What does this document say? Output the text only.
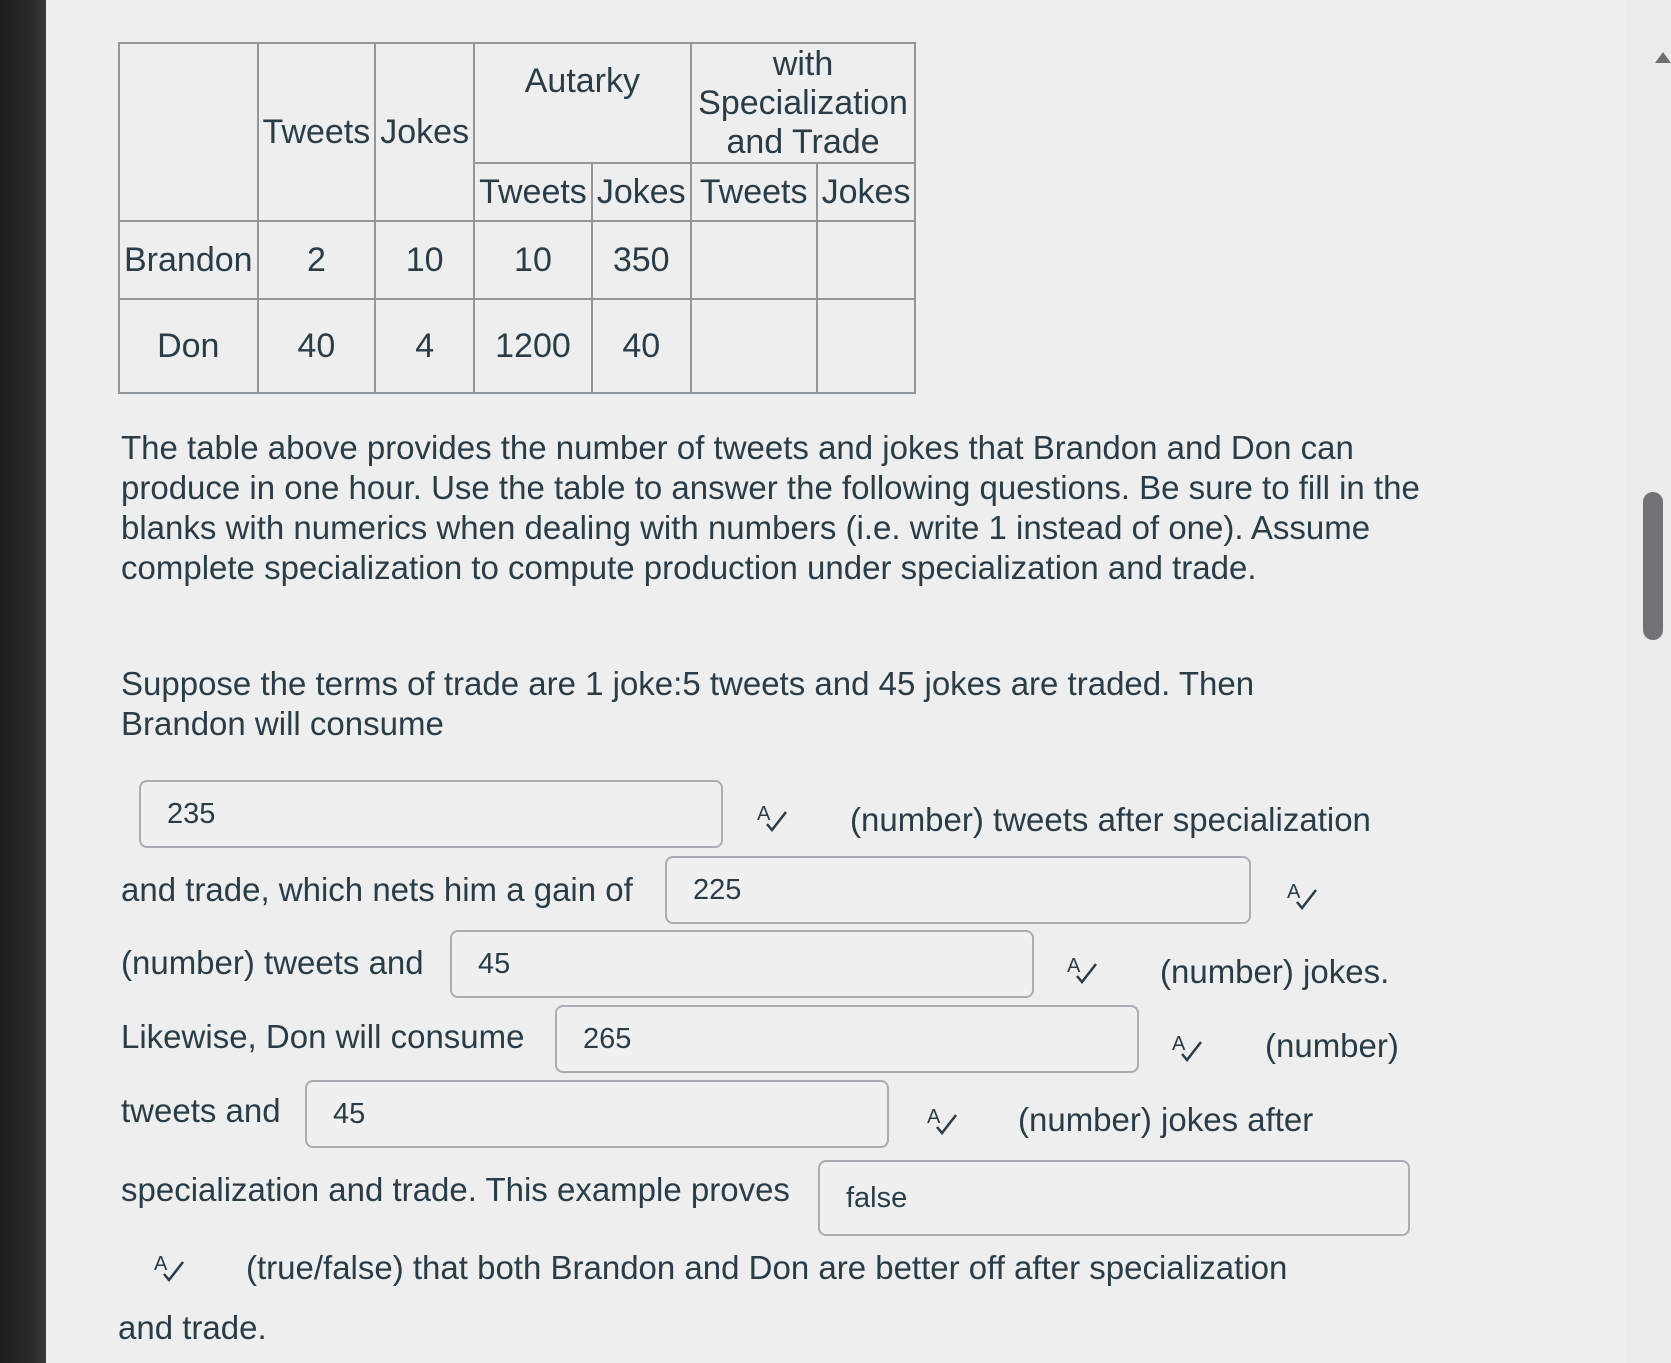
	Tweets	Jokes	Autarky		with
Specialization
and Trade	

			Tweets	Jokes	Tweets	Jokes
Brandon	2	10	10	350		
Don	40	4	1200	40		
The table above provides the number of tweets and jokes that Brandon and Don can produce in one hour. Use the table to answer the following questions. Be sure to fill in the blanks with numerics when dealing with numbers (i.e. write 1 instead of one). Assume complete specialization to compute production under specialization and trade.
Suppose the terms of trade are 1 joke:5 tweets and 45 jokes are traded. Then Brandon will consume
235	A (number) tweets after specialization
and trade, which nets him a gain of	225	A
(number) tweets and	45	A (number) jokes.
Likewise, Don will consume	265	A (number)
tweets and	45	A (number) jokes after
specialization and trade. This example proves	false
A (true/false) that both Brandon and Don are better off after specialization
and trade.
